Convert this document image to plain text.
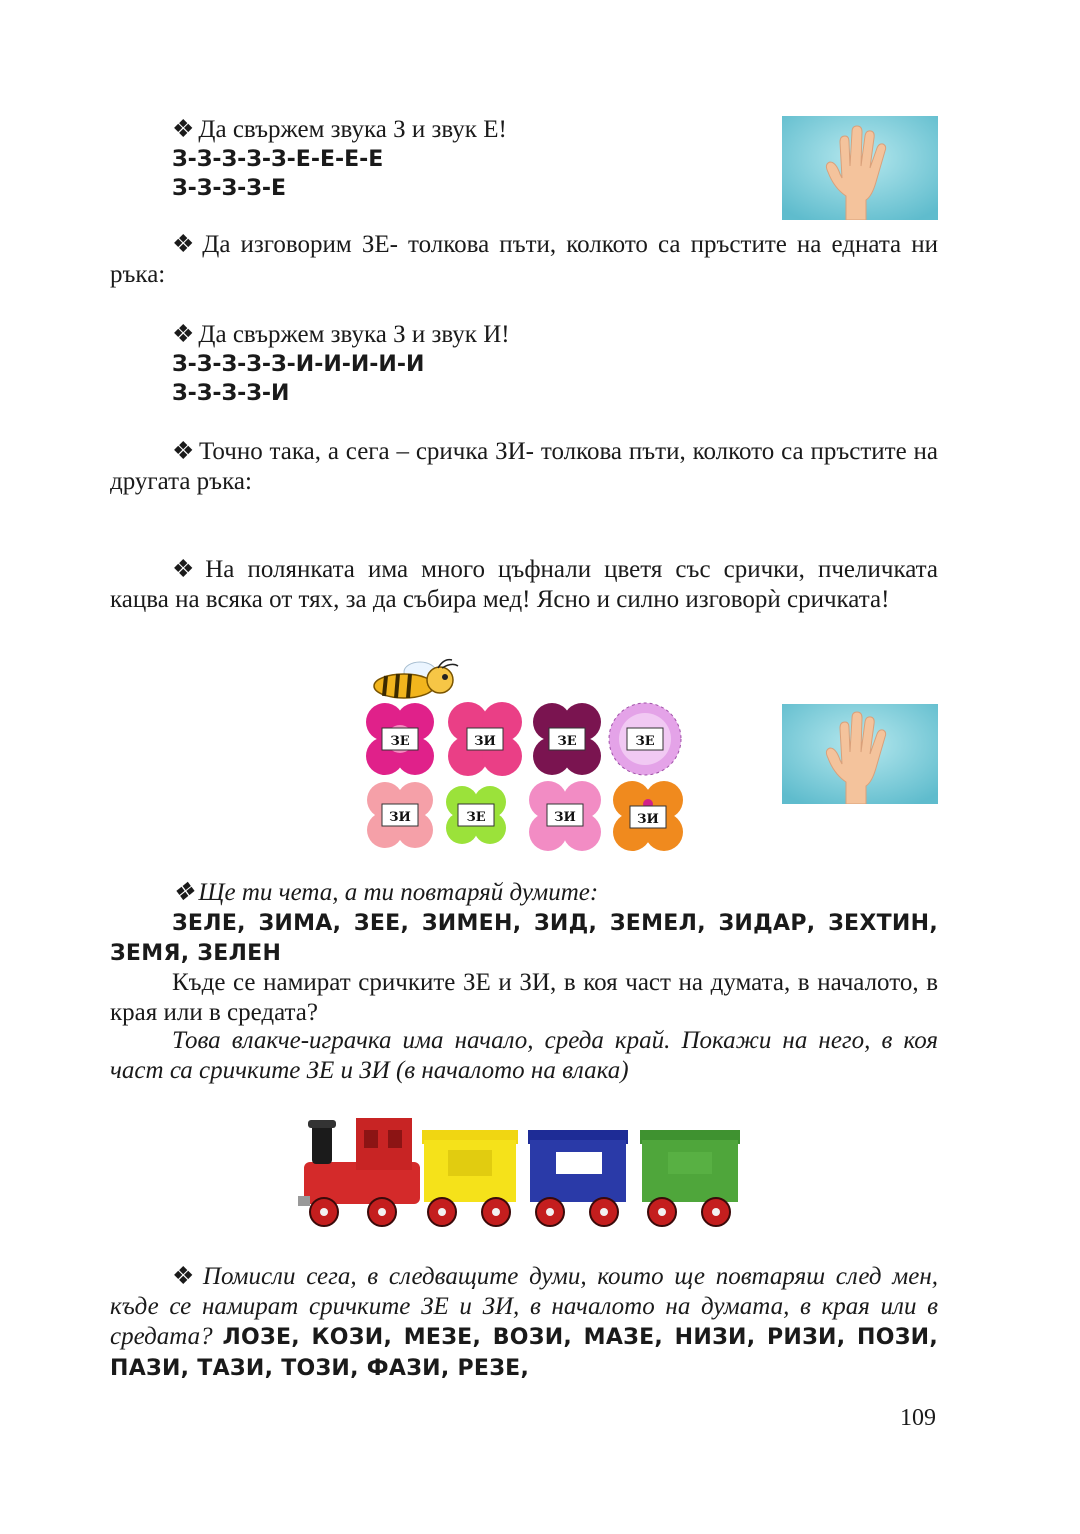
❖ Да свържем звука З и звук Е!
З-З-З-З-З-Е-Е-Е-Е
З-З-З-З-Е
❖ Да изговорим ЗЕ- толкова пъти, колкото са пръстите на едната ни ръка:
❖ Да свържем звука З и звук И!
З-З-З-З-З-И-И-И-И-И
З-З-З-З-И
❖ Точно така, а сега – сричка ЗИ- толкова пъти, колкото са пръстите на другата ръка:
❖ На полянката има много цъфнали цветя със срички, пчеличката кацва на всяка от тях, за да събира мед! Ясно и силно изговорѝ сричката!
ЗЕ	ЗИ	ЗЕ	ЗЕ
ЗИ	ЗЕ	ЗИ	ЗИ
❖ Ще ти чета, а ти повтаряй думите:
ЗЕЛЕ, ЗИМА, ЗЕЕ, ЗИМЕН, ЗИД, ЗЕМЕЛ, ЗИДАР, ЗЕХТИН, ЗЕМЯ, ЗЕЛЕН
Къде се намират сричките ЗЕ и ЗИ, в коя част на думата, в началото, в края или в средата?
Това влакче-играчка има начало, среда край. Покажи на него, в коя част са сричките ЗЕ и ЗИ (в началото на влака)
❖ Помисли сега, в следващите думи, които ще повтаряш след мен, къде се намират сричките ЗЕ и ЗИ, в началото на думата, в края или в средата? ЛОЗЕ, КОЗИ, МЕЗЕ, ВОЗИ, МАЗЕ, НИЗИ, РИЗИ, ПОЗИ, ПАЗИ, ТАЗИ, ТОЗИ, ФАЗИ, РЕЗЕ,
109
